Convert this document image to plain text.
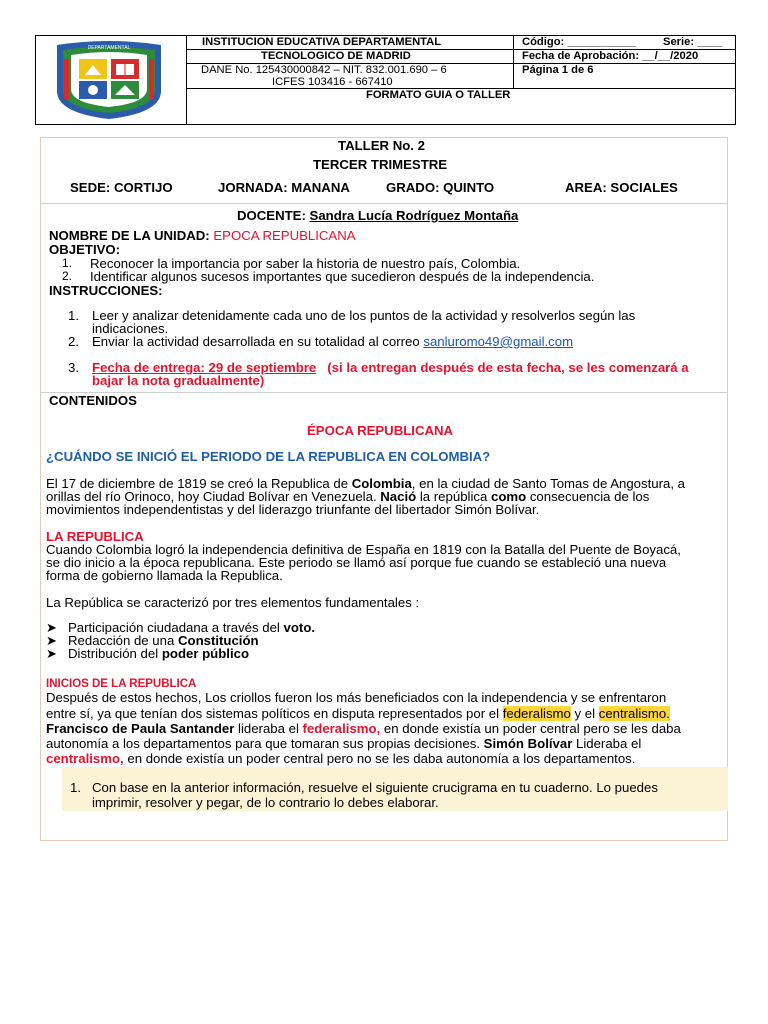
DEPARTAMENTAL	INSTITUCION EDUCATIVA DEPARTAMENTAL
TECNOLOGICO DE MADRID
DANE No. 125430000842 – NIT. 832.001.690 – 6
ICFES 103416 - 667410
FORMATO GUIA O TALLER
Código: ___________ Serie: ____
Fecha de Aprobación: __/__/2020
Página 1 de 6
TALLER No. 2
TERCER TRIMESTRE
SEDE: CORTIJO	JORNADA: MANANA	GRADO: QUINTO	AREA: SOCIALES
DOCENTE: Sandra Lucía Rodríguez Montaña
NOMBRE DE LA UNIDAD: EPOCA REPUBLICANA
OBJETIVO:
1. Reconocer la importancia por saber la historia de nuestro país, Colombia.
2. Identificar algunos sucesos importantes que sucedieron después de la independencia.
INSTRUCCIONES:
1. Leer y analizar detenidamente cada uno de los puntos de la actividad y resolverlos según las
indicaciones.
2. Enviar la actividad desarrollada en su totalidad al correo sanluromo49@gmail.com
3. Fecha de entrega: 29 de septiembre (si la entregan después de esta fecha, se les comenzará a
bajar la nota gradualmente)
CONTENIDOS
ÉPOCA REPUBLICANA
¿CUÁNDO SE INICIÓ EL PERIODO DE LA REPUBLICA EN COLOMBIA?
El 17 de diciembre de 1819 se creó la Republica de Colombia, en la ciudad de Santo Tomas de Angostura, a
orillas del río Orinoco, hoy Ciudad Bolívar en Venezuela. Nació la república como consecuencia de los
movimientos independentistas y del liderazgo triunfante del libertador Simón Bolívar.
LA REPUBLICA
Cuando Colombia logró la independencia definitiva de España en 1819 con la Batalla del Puente de Boyacá,
se dio inicio a la época republicana. Este periodo se llamó así porque fue cuando se estableció una nueva
forma de gobierno llamada la Republica.
La República se caracterizó por tres elementos fundamentales :
➤ Participación ciudadana a través del voto.
➤ Redacción de una Constitución
➤ Distribución del poder público
INICIOS DE LA REPUBLICA
Después de estos hechos, Los criollos fueron los más beneficiados con la independencia y se enfrentaron
entre sí, ya que tenían dos sistemas políticos en disputa representados por el federalismo y el centralismo.
Francisco de Paula Santander lideraba el federalismo, en donde existía un poder central pero se les daba
autonomía a los departamentos para que tomaran sus propias decisiones. Simón Bolívar Lideraba el
centralismo, en donde existía un poder central pero no se les daba autonomía a los departamentos.
1. Con base en la anterior información, resuelve el siguiente crucigrama en tu cuaderno. Lo puedes
imprimir, resolver y pegar, de lo contrario lo debes elaborar.
